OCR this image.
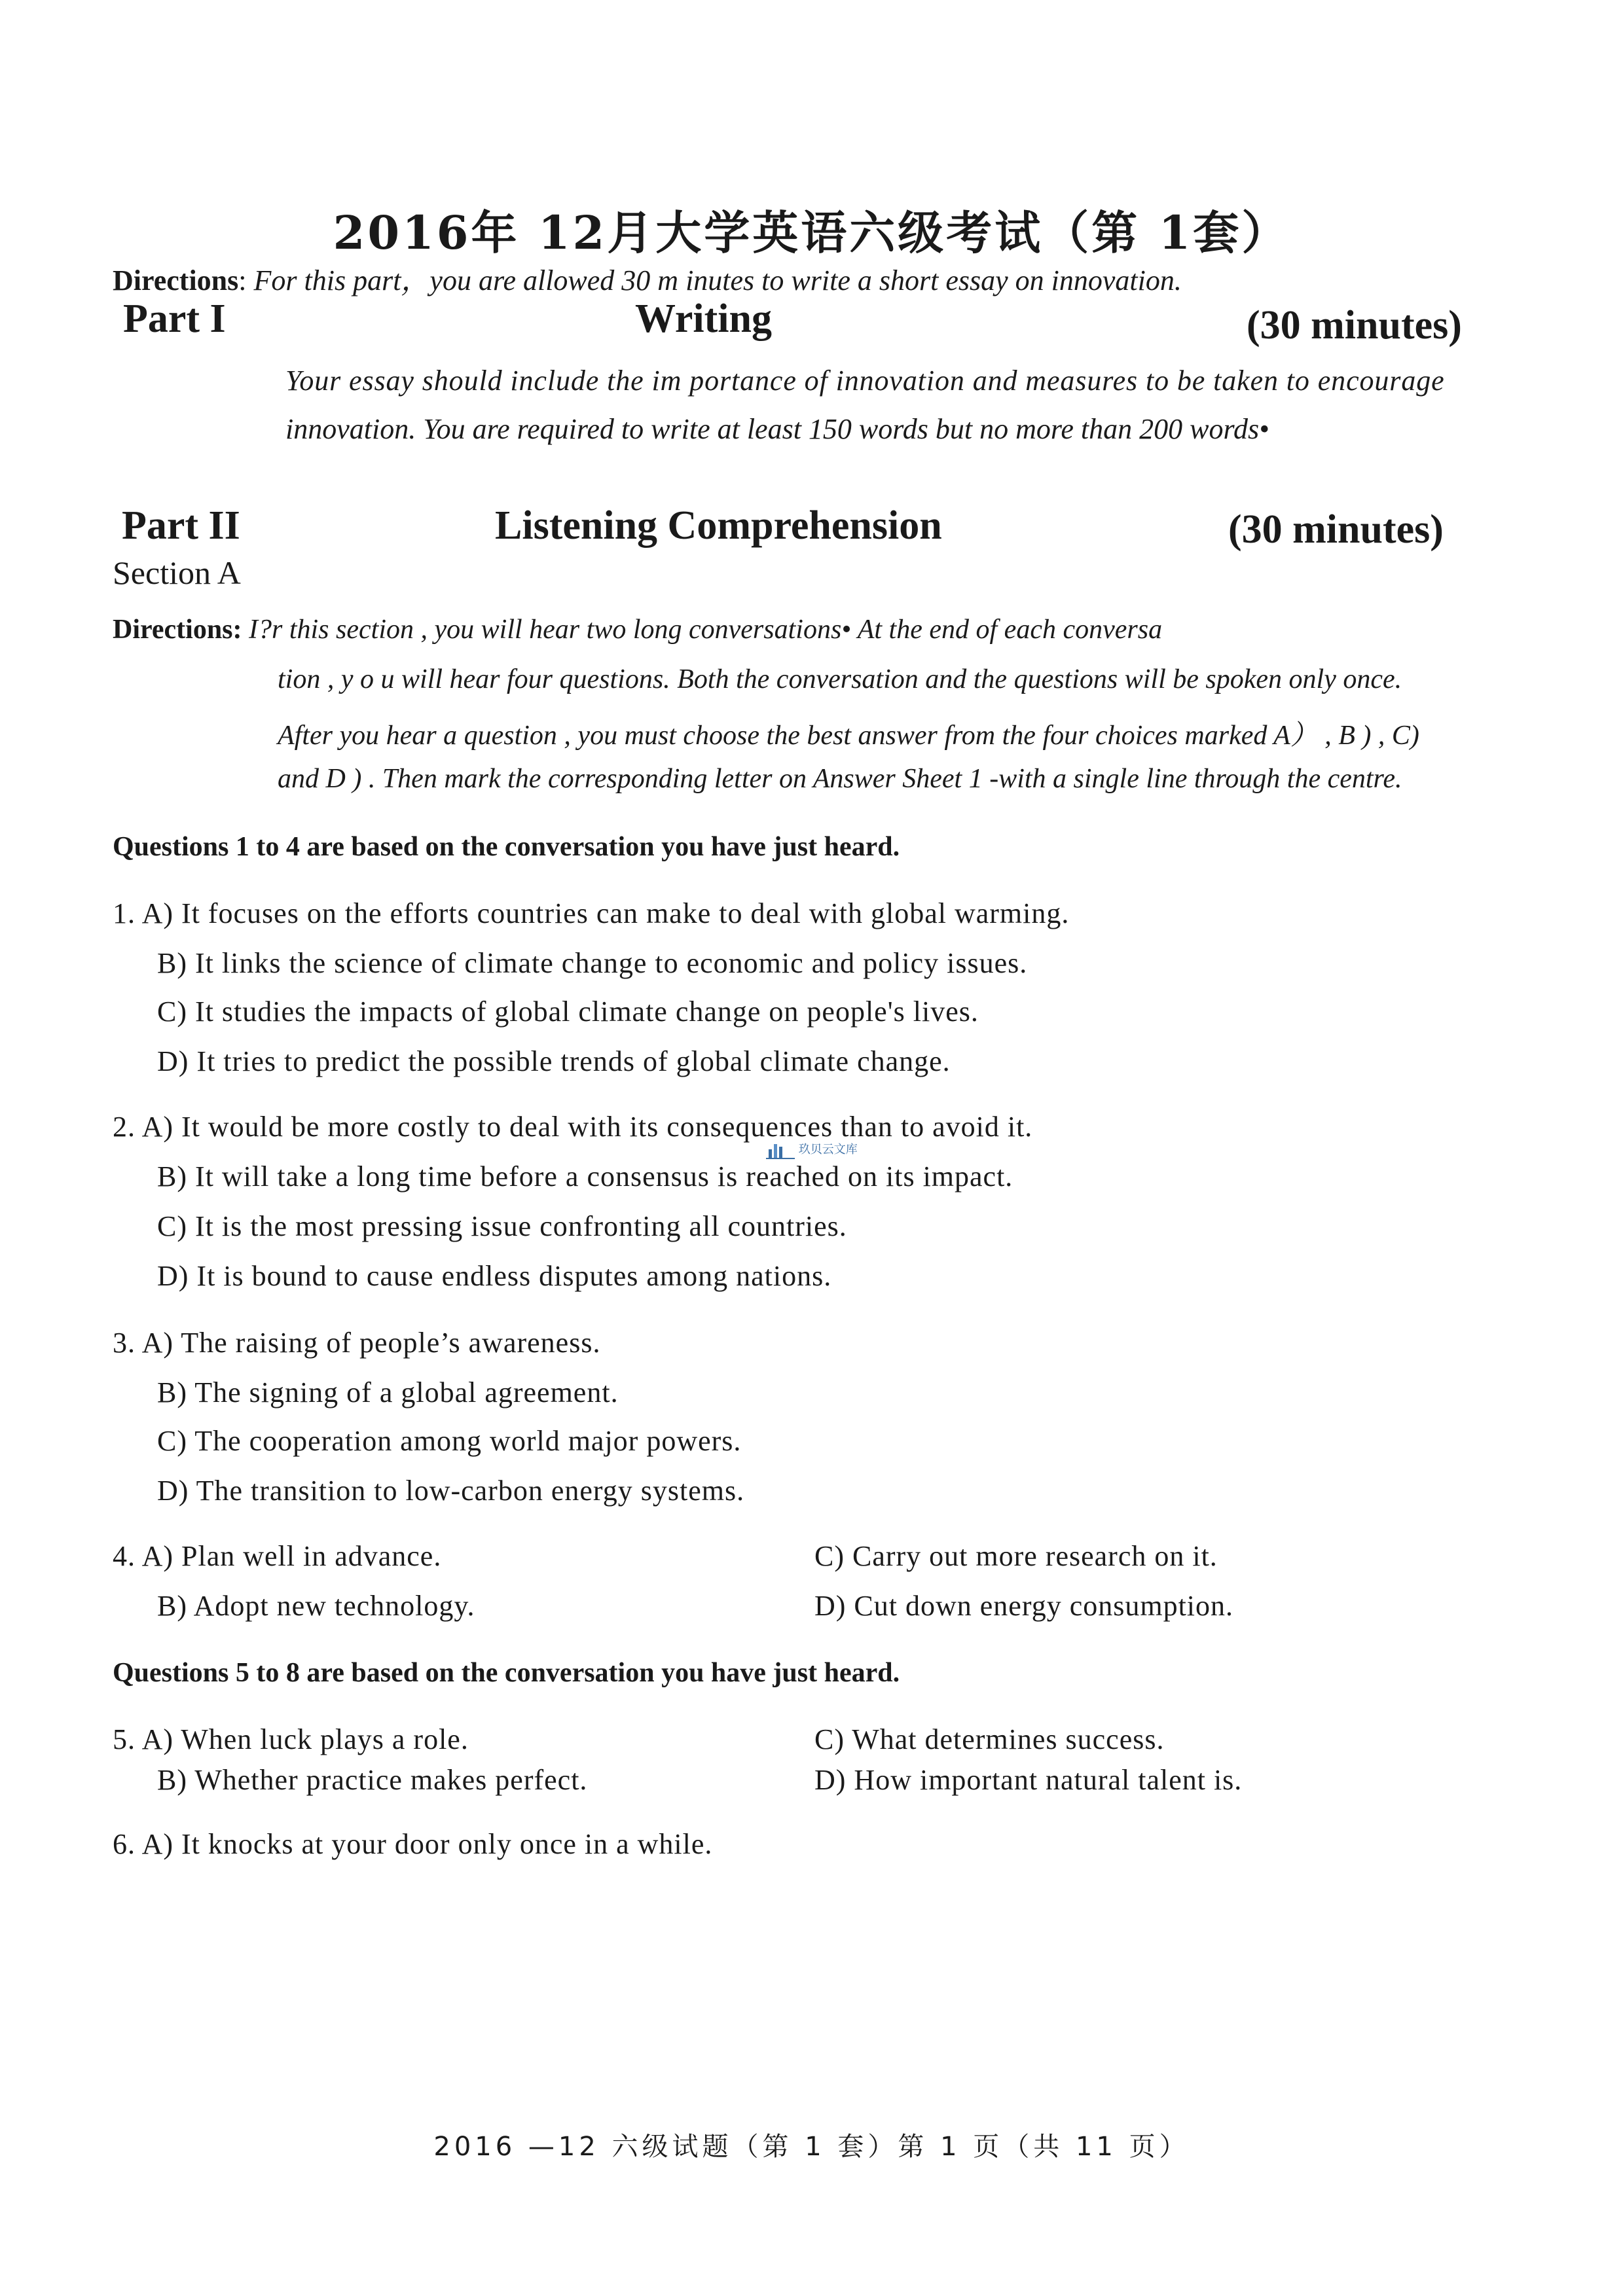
2016年 12月大学英语六级考试（第 1套）
Directions: For this part，you are allowed 30 m inutes to write a short essay on innovation.
Part I	Writing	(30 minutes)
Your essay should include the im portance of innovation and measures to be taken to encourage
innovation. You are required to write at least 150 words but no more than 200 words•
Part II	Listening Comprehension	(30 minutes)
Section A
Directions: I?r this section , you will hear two long conversations• At the end of each conversa
tion , y o u will hear four questions. Both the conversation and the questions will be spoken only once.
After you hear a question , you must choose the best answer from the four choices marked A） , B ) , C)
and D ) . Then mark the corresponding letter on Answer Sheet 1 -with a single line through the centre.
Questions 1 to 4 are based on the conversation you have just heard.
1. A) It focuses on the efforts countries can make to deal with global warming.
B) It links the science of climate change to economic and policy issues.
C) It studies the impacts of global climate change on people's lives.
D) It tries to predict the possible trends of global climate change.
2. A) It would be more costly to deal with its consequences than to avoid it.
B) It will take a long time before a consensus is reached on its impact.
C) It is the most pressing issue confronting all countries.
D) It is bound to cause endless disputes among nations.
3. A) The raising of people’s awareness.
B) The signing of a global agreement.
C) The cooperation among world major powers.
D) The transition to low-carbon energy systems.
4. A) Plan well in advance.	C) Carry out more research on it.
B) Adopt new technology.	D) Cut down energy consumption.
Questions 5 to 8 are based on the conversation you have just heard.
5. A) When luck plays a role.	C) What determines success.
B) Whether practice makes perfect.	D) How important natural talent is.
6. A) It knocks at your door only once in a while.
玖贝云文库
2016 —12 六级试题（第 1 套）第 1 页（共 11 页）
